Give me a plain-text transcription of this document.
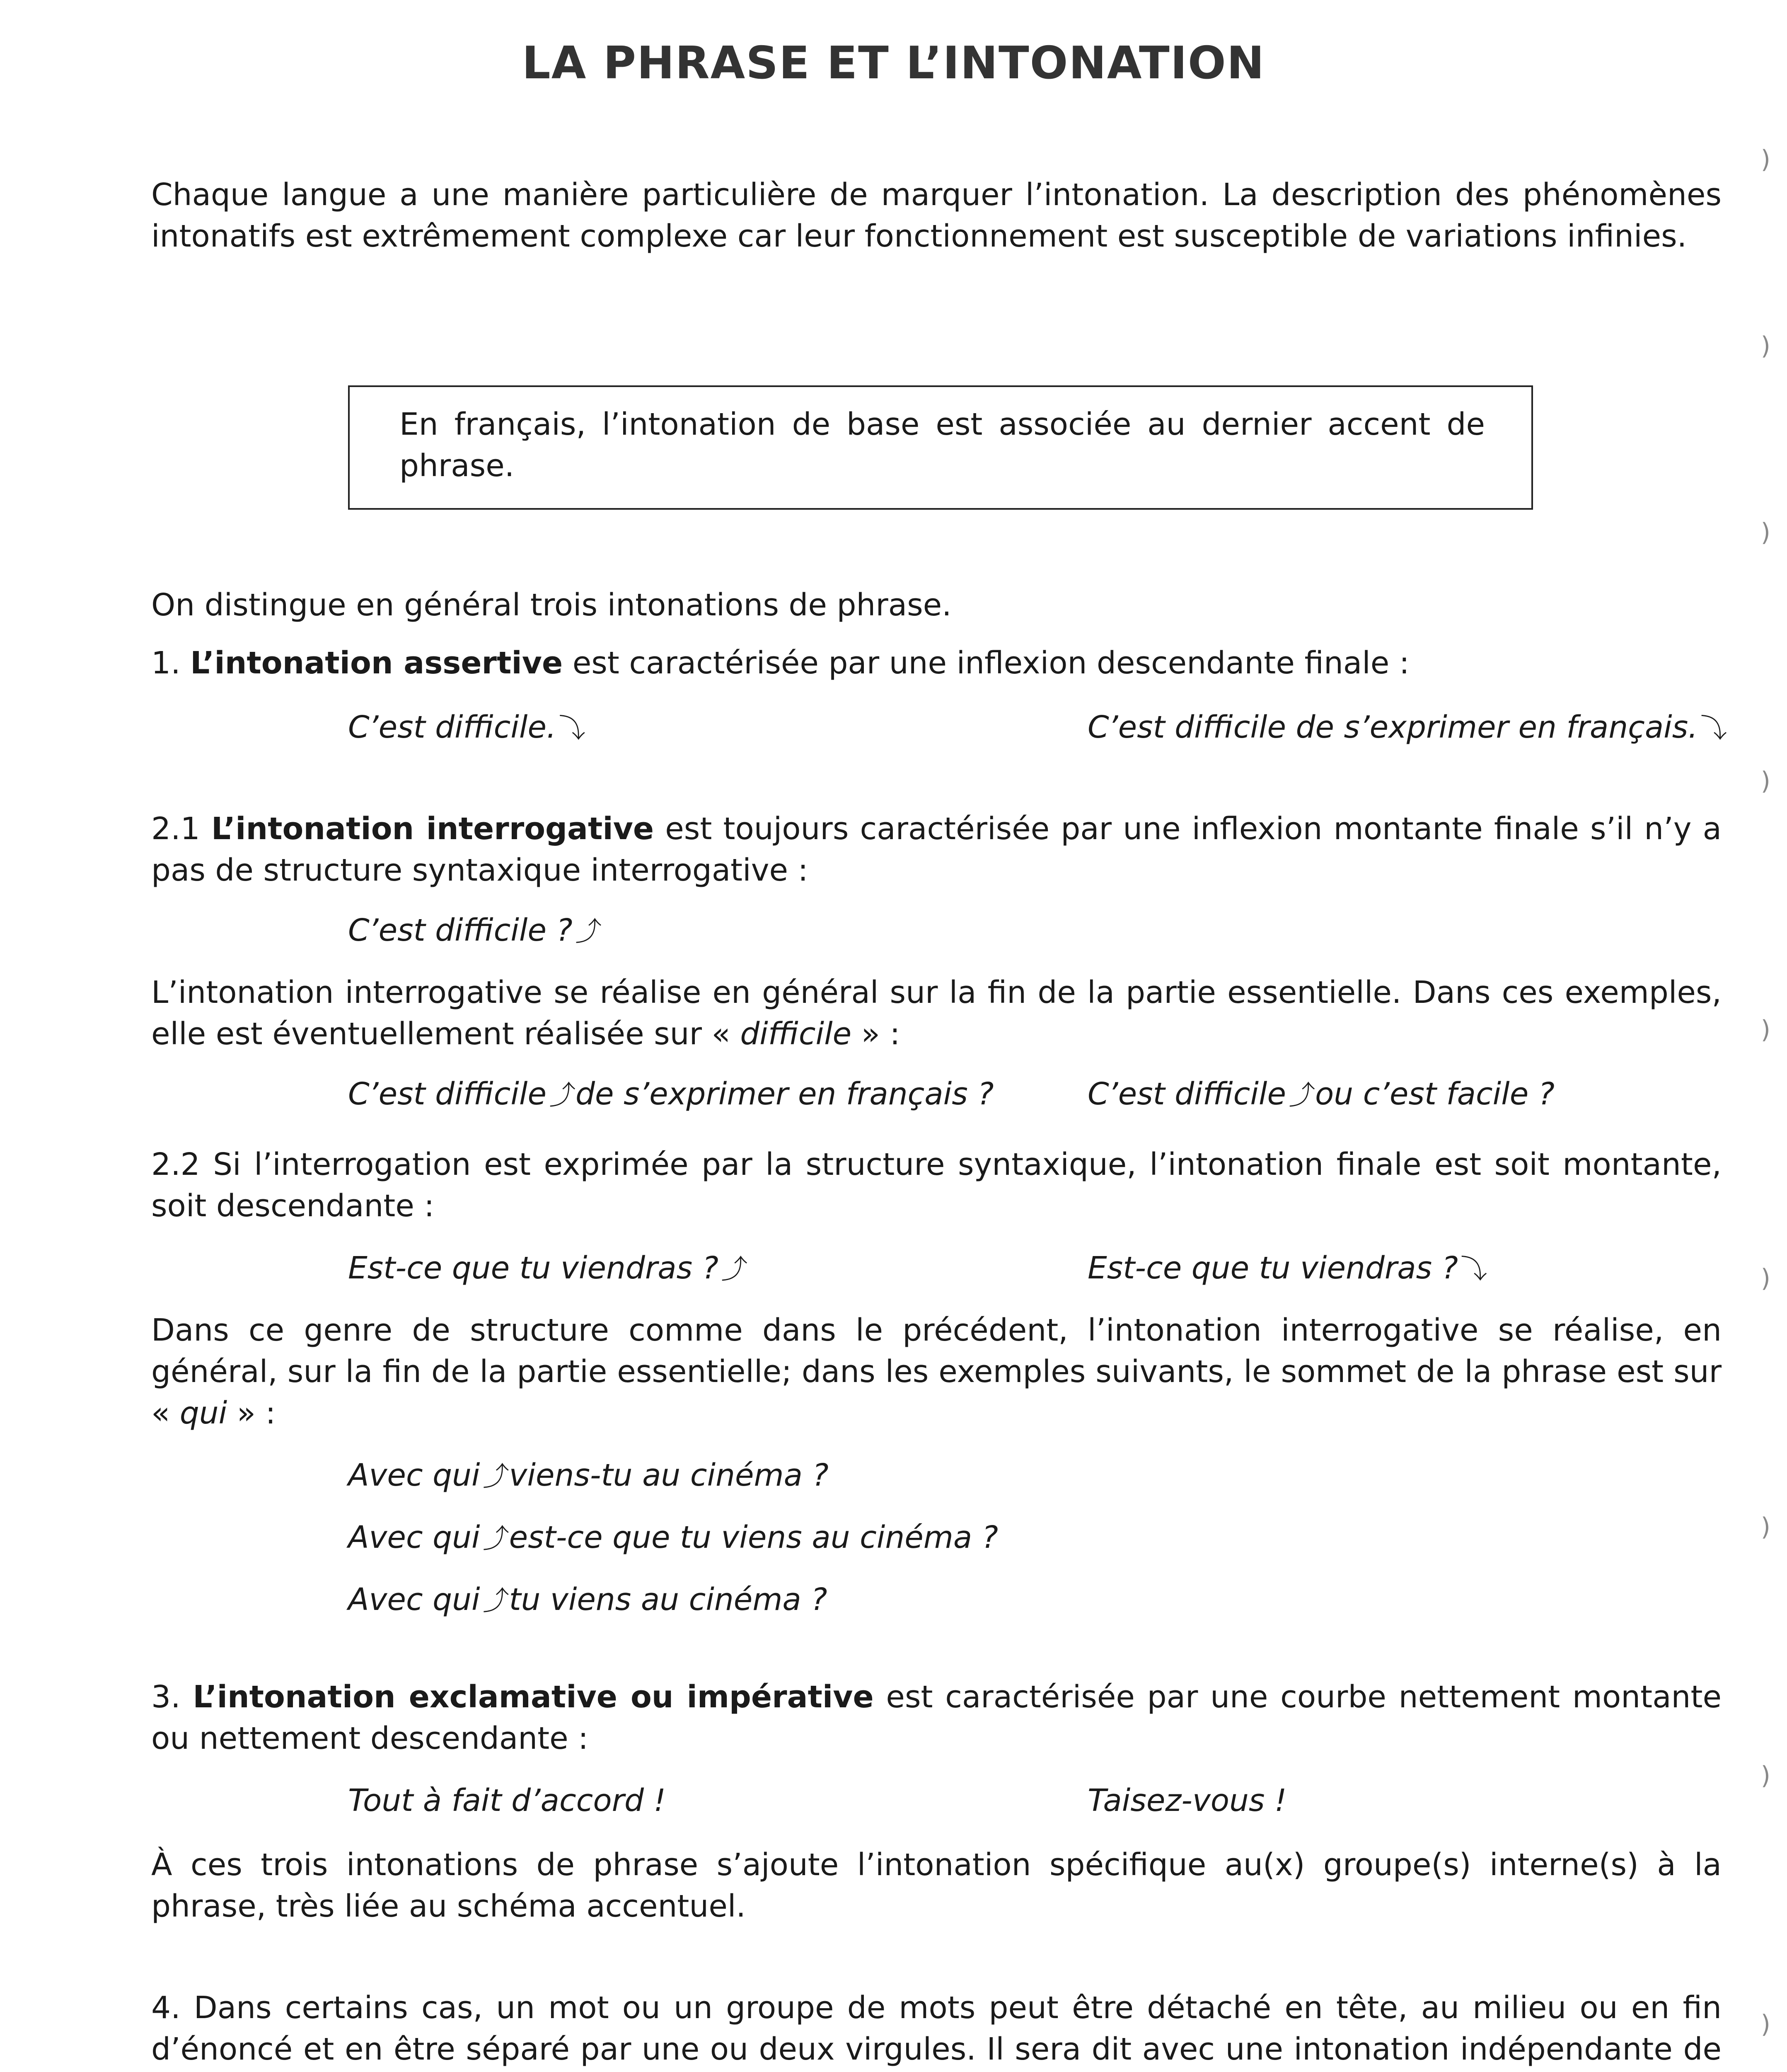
LA PHRASE ET L’INTONATION

Chaque langue a une manière particulière de marquer l’intonation. La description des phénomènes intonatifs est extrêmement complexe car leur fonctionnement est susceptible de variations infinies.

En français, l’intonation de base est associée au dernier accent de phrase.

On distingue en général trois intonations de phrase.

1. L’intonation assertive est caractérisée par une inflexion descendante finale :

C’est difficile.⤵	C’est difficile de s’exprimer en français.⤵

2.1 L’intonation interrogative est toujours caractérisée par une inflexion montante finale s’il n’y a pas de structure syntaxique interrogative :

C’est difficile ?⤴

L’intonation interrogative se réalise en général sur la fin de la partie essentielle. Dans ces exemples, elle est éventuellement réalisée sur « difficile » :

C’est difficile⤴de s’exprimer en français ?	C’est difficile⤴ou c’est facile ?

2.2 Si l’interrogation est exprimée par la structure syntaxique, l’intonation finale est soit montante, soit descendante :

Est-ce que tu viendras ?⤴	Est-ce que tu viendras ?⤵

Dans ce genre de structure comme dans le précédent, l’intonation interrogative se réalise, en général, sur la fin de la partie essentielle; dans les exemples suivants, le sommet de la phrase est sur « qui » :

Avec qui⤴viens-tu au cinéma ?
Avec qui⤴est-ce que tu viens au cinéma ?
Avec qui⤴tu viens au cinéma ?

3. L’intonation exclamative ou impérative est caractérisée par une courbe nettement montante ou nettement descendante :

Tout à fait d’accord !	Taisez-vous !

À ces trois intonations de phrase s’ajoute l’intonation spécifique au(x) groupe(s) interne(s) à la phrase, très liée au schéma accentuel.

4. Dans certains cas, un mot ou un groupe de mots peut être détaché en tête, au milieu ou en fin d’énoncé et en être séparé par une ou deux virgules. Il sera dit avec une intonation indépendante de

)
)
)
)
)
)
)
)
)
